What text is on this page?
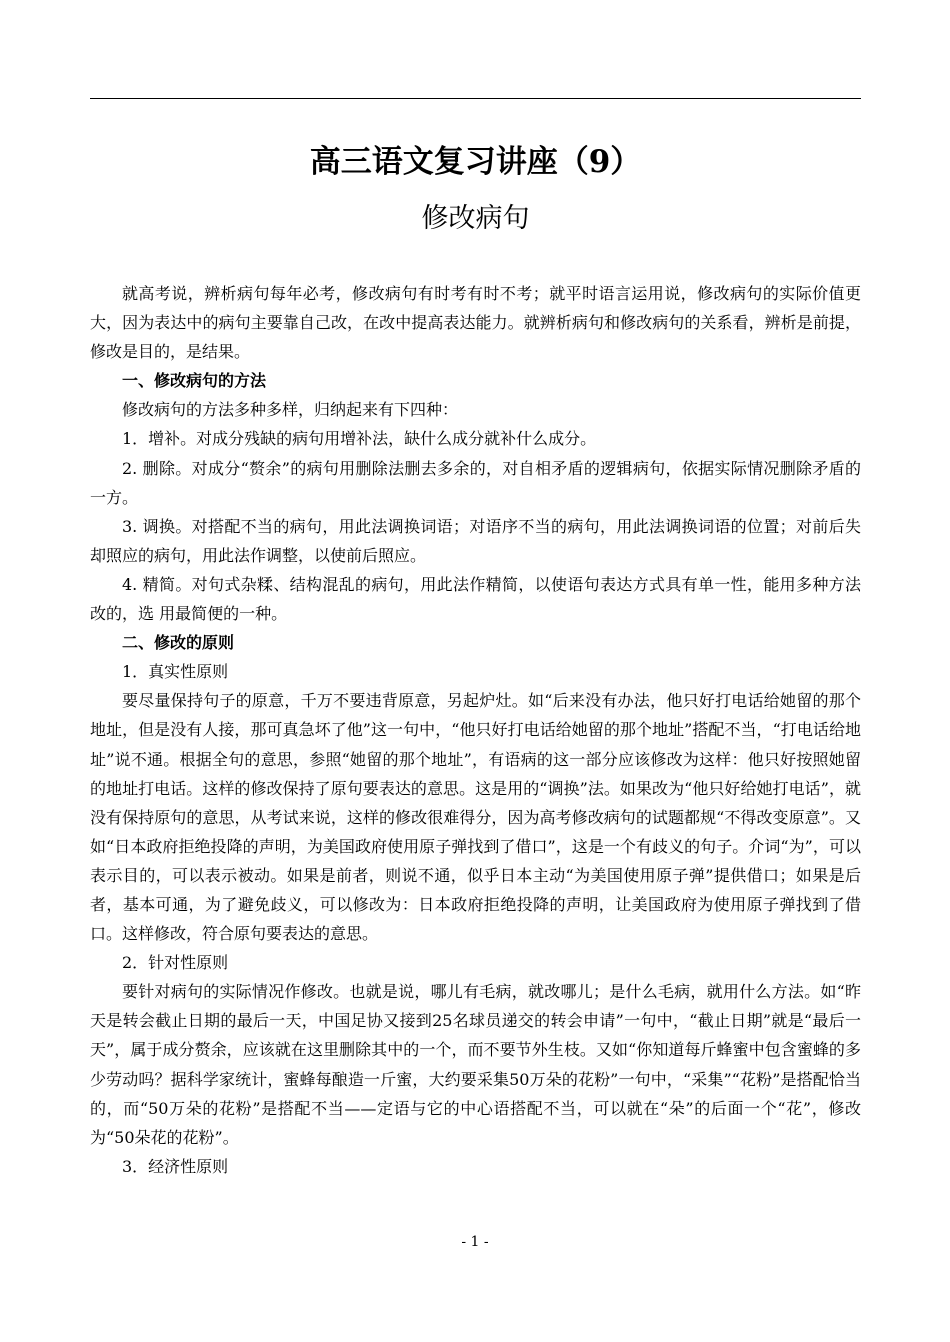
高三语文复习讲座（9）
修改病句

就高考说，辨析病句每年必考，修改病句有时考有时不考；就平时语言运用说，修改病句的实际价值更大，因为表达中的病句主要靠自己改，在改中提高表达能力。就辨析病句和修改病句的关系看，辨析是前提，修改是目的，是结果。

一、修改病句的方法

修改病句的方法多种多样，归纳起来有下四种：

1．增补。对成分残缺的病句用增补法，缺什么成分就补什么成分。

2. 删除。对成分“赘余”的病句用删除法删去多余的，对自相矛盾的逻辑病句，依据实际情况删除矛盾的一方。

3. 调换。对搭配不当的病句，用此法调换词语；对语序不当的病句，用此法调换词语的位置；对前后失却照应的病句，用此法作调整，以使前后照应。

4. 精简。对句式杂糅、结构混乱的病句，用此法作精简，以使语句表达方式具有单一性，能用多种方法改的，选 用最简便的一种。

二、修改的原则

1．真实性原则

要尽量保持句子的原意，千万不要违背原意，另起炉灶。如“后来没有办法，他只好打电话给她留的那个地址，但是没有人接，那可真急坏了他”这一句中，“他只好打电话给她留的那个地址”搭配不当，“打电话给地址”说不通。根据全句的意思，参照“她留的那个地址”，有语病的这一部分应该修改为这样：他只好按照她留的地址打电话。这样的修改保持了原句要表达的意思。这是用的“调换”法。如果改为“他只好给她打电话”，就没有保持原句的意思，从考试来说，这样的修改很难得分，因为高考修改病句的试题都规“不得改变原意”。又如“日本政府拒绝投降的声明，为美国政府使用原子弹找到了借口”，这是一个有歧义的句子。介词“为”，可以表示目的，可以表示被动。如果是前者，则说不通，似乎日本主动“为美国使用原子弹”提供借口；如果是后者，基本可通，为了避免歧义，可以修改为：日本政府拒绝投降的声明，让美国政府为使用原子弹找到了借口。这样修改，符合原句要表达的意思。

2．针对性原则

要针对病句的实际情况作修改。也就是说，哪儿有毛病，就改哪儿；是什么毛病，就用什么方法。如“昨天是转会截止日期的最后一天，中国足协又接到25名球员递交的转会申请”一句中，“截止日期”就是“最后一天”，属于成分赘余，应该就在这里删除其中的一个，而不要节外生枝。又如“你知道每斤蜂蜜中包含蜜蜂的多少劳动吗？据科学家统计，蜜蜂每酿造一斤蜜，大约要采集50万朵的花粉”一句中，“采集”“花粉”是搭配恰当的，而“50万朵的花粉”是搭配不当——定语与它的中心语搭配不当，可以就在“朵”的后面一个“花”，修改为“50朵花的花粉”。

3．经济性原则

- 1 -
